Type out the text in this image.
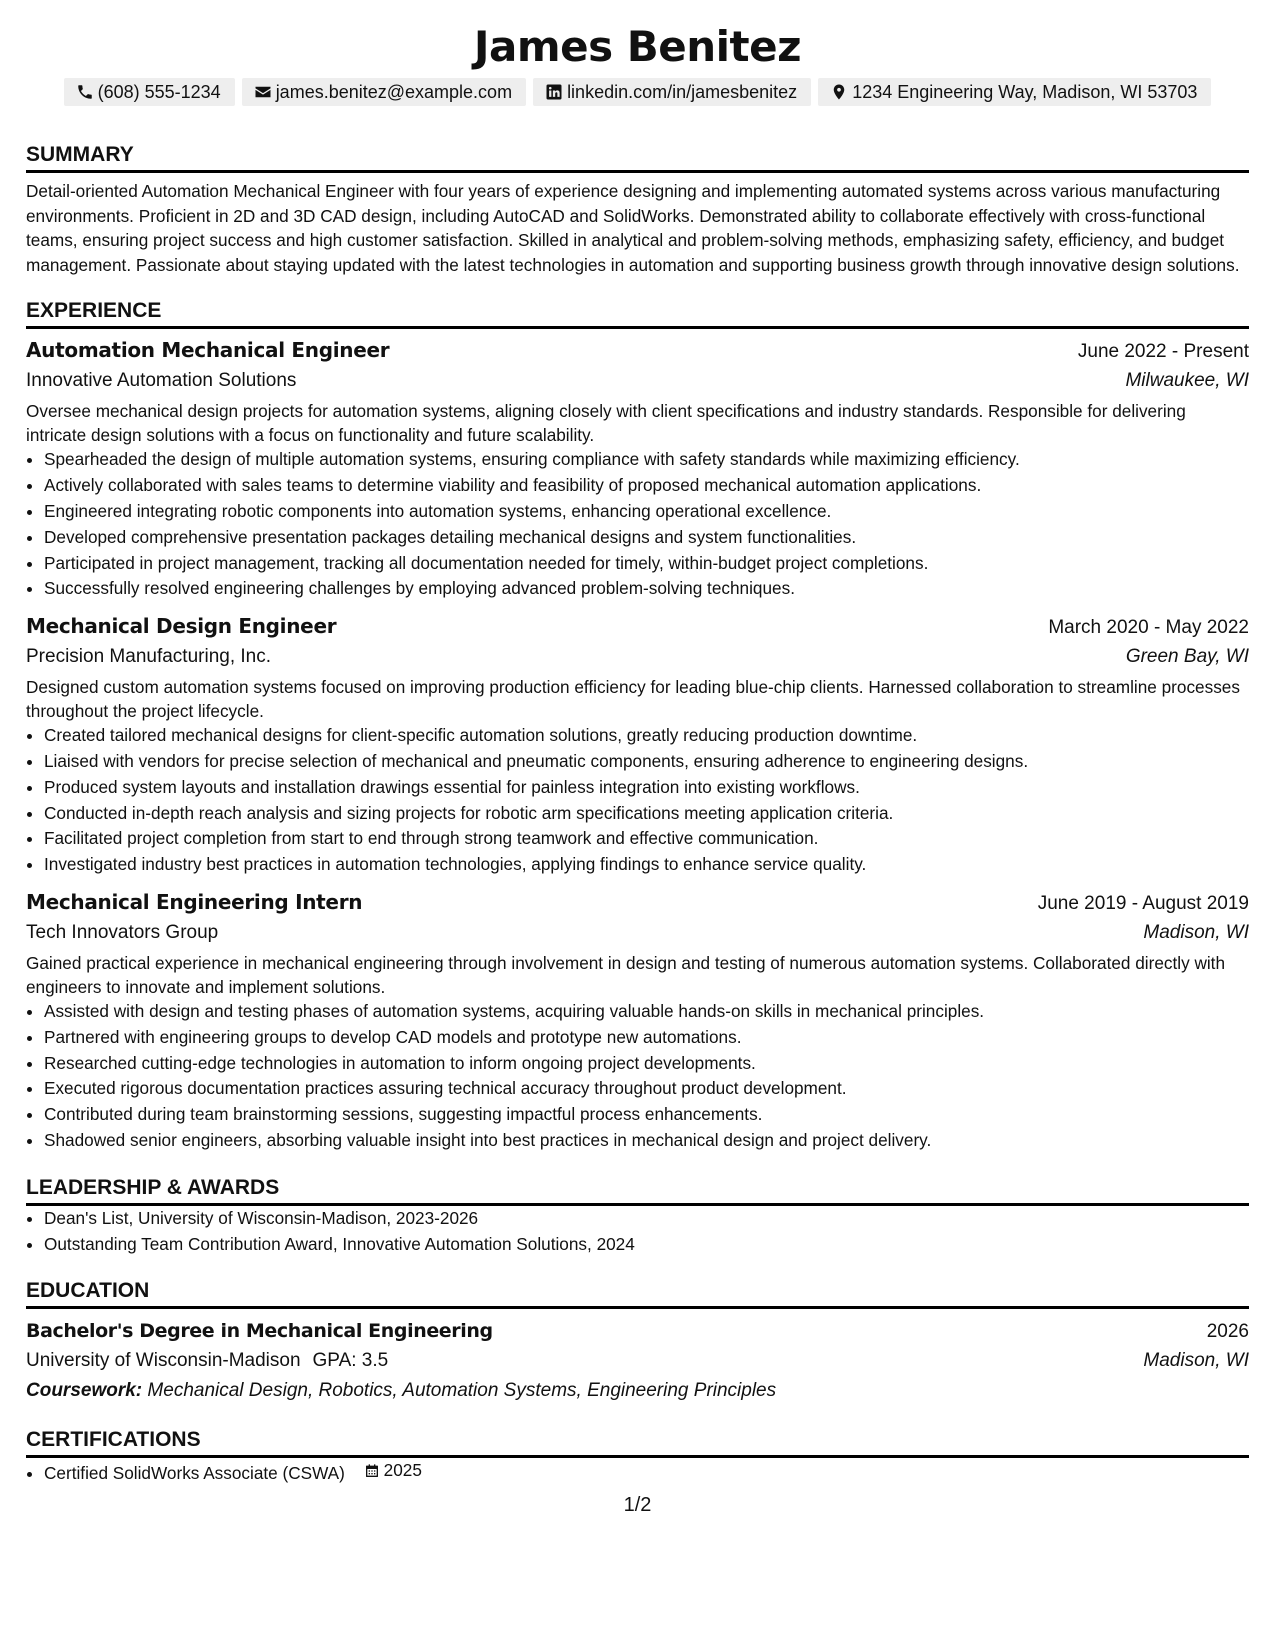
James Benitez
(608) 555-1234	james.benitez@example.com	linkedin.com/in/jamesbenitez	1234 Engineering Way, Madison, WI 53703
SUMMARY
Detail-oriented Automation Mechanical Engineer with four years of experience designing and implementing automated systems across various manufacturing environments. Proficient in 2D and 3D CAD design, including AutoCAD and SolidWorks. Demonstrated ability to collaborate effectively with cross-functional teams, ensuring project success and high customer satisfaction. Skilled in analytical and problem-solving methods, emphasizing safety, efficiency, and budget management. Passionate about staying updated with the latest technologies in automation and supporting business growth through innovative design solutions.
EXPERIENCE
Automation Mechanical Engineer	June 2022 - Present
Innovative Automation Solutions	Milwaukee, WI
Oversee mechanical design projects for automation systems, aligning closely with client specifications and industry standards. Responsible for delivering intricate design solutions with a focus on functionality and future scalability.
• Spearheaded the design of multiple automation systems, ensuring compliance with safety standards while maximizing efficiency.
• Actively collaborated with sales teams to determine viability and feasibility of proposed mechanical automation applications.
• Engineered integrating robotic components into automation systems, enhancing operational excellence.
• Developed comprehensive presentation packages detailing mechanical designs and system functionalities.
• Participated in project management, tracking all documentation needed for timely, within-budget project completions.
• Successfully resolved engineering challenges by employing advanced problem-solving techniques.
Mechanical Design Engineer	March 2020 - May 2022
Precision Manufacturing, Inc.	Green Bay, WI
Designed custom automation systems focused on improving production efficiency for leading blue-chip clients. Harnessed collaboration to streamline processes throughout the project lifecycle.
• Created tailored mechanical designs for client-specific automation solutions, greatly reducing production downtime.
• Liaised with vendors for precise selection of mechanical and pneumatic components, ensuring adherence to engineering designs.
• Produced system layouts and installation drawings essential for painless integration into existing workflows.
• Conducted in-depth reach analysis and sizing projects for robotic arm specifications meeting application criteria.
• Facilitated project completion from start to end through strong teamwork and effective communication.
• Investigated industry best practices in automation technologies, applying findings to enhance service quality.
Mechanical Engineering Intern	June 2019 - August 2019
Tech Innovators Group	Madison, WI
Gained practical experience in mechanical engineering through involvement in design and testing of numerous automation systems. Collaborated directly with engineers to innovate and implement solutions.
• Assisted with design and testing phases of automation systems, acquiring valuable hands-on skills in mechanical principles.
• Partnered with engineering groups to develop CAD models and prototype new automations.
• Researched cutting-edge technologies in automation to inform ongoing project developments.
• Executed rigorous documentation practices assuring technical accuracy throughout product development.
• Contributed during team brainstorming sessions, suggesting impactful process enhancements.
• Shadowed senior engineers, absorbing valuable insight into best practices in mechanical design and project delivery.
LEADERSHIP & AWARDS
• Dean's List, University of Wisconsin-Madison, 2023-2026
• Outstanding Team Contribution Award, Innovative Automation Solutions, 2024
EDUCATION
Bachelor's Degree in Mechanical Engineering	2026
University of Wisconsin-Madison GPA: 3.5	Madison, WI
Coursework: Mechanical Design, Robotics, Automation Systems, Engineering Principles
CERTIFICATIONS
• Certified SolidWorks Associate (CSWA) 2025
1/2
